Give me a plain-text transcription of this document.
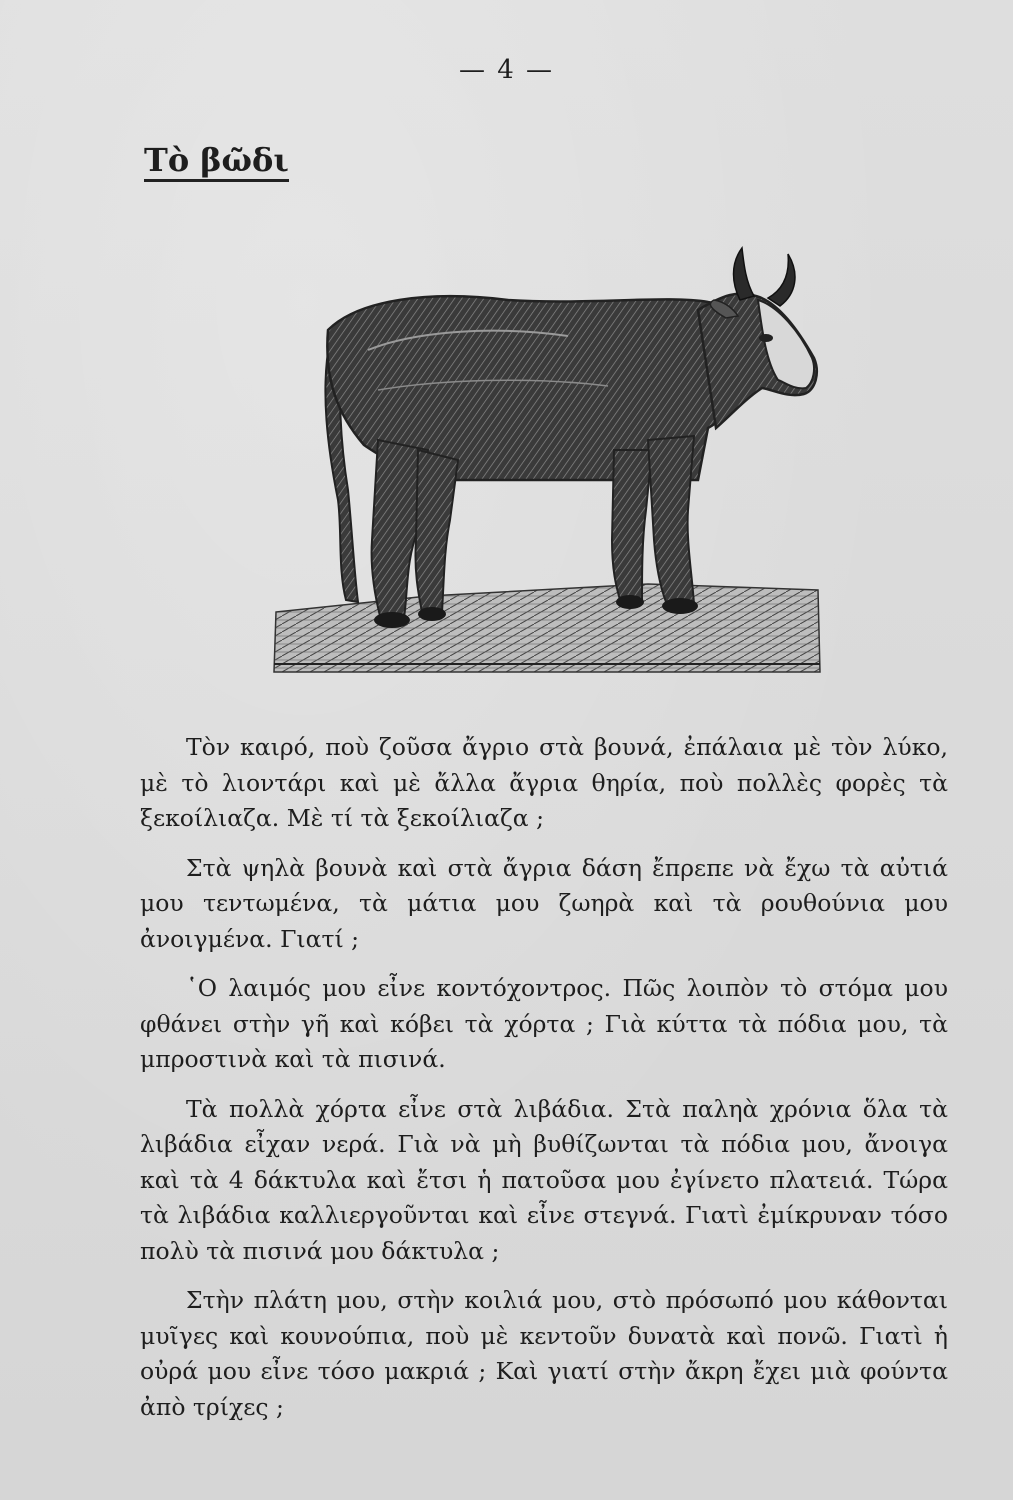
— 4 —
Tὸ βῶδι

Τὸν καιρό, ποὺ ζοῦσα ἄγριο στὰ βουνά, ἐπάλαια μὲ τὸν λύκο, μὲ τὸ λιοντάρι καὶ μὲ ἄλλα ἄγρια θηρία, ποὺ πολλὲς φορὲς τὰ ξεκοίλιαζα. Μὲ τί τὰ ξεκοίλιαζα ;

Στὰ ψηλὰ βουνὰ καὶ στὰ ἄγρια δάση ἔπρεπε νὰ ἔχω τὰ αὐτιά μου τεντωμένα, τὰ μάτια μου ζωηρὰ καὶ τὰ ρουθούνια μου ἀνοιγμένα. Γιατί ;

῾Ο λαιμός μου εἶνε κοντόχοντρος. Πῶς λοιπὸν τὸ στόμα μου φθάνει στὴν γῆ καὶ κόβει τὰ χόρτα ; Γιὰ κύττα τὰ πόδια μου, τὰ μπροστινὰ καὶ τὰ πισινά.

Τὰ πολλὰ χόρτα εἶνε στὰ λιβάδια. Στὰ παληὰ χρόνια ὅλα τὰ λιβάδια εἶχαν νερά. Γιὰ νὰ μὴ βυθίζωνται τὰ πόδια μου, ἄνοιγα καὶ τὰ 4 δάκτυλα καὶ ἔτσι ἡ πατοῦσα μου ἐγίνετο πλατειά. Τώρα τὰ λιβάδια καλλιεργοῦνται καὶ εἶνε στεγνά. Γιατὶ ἐμίκρυναν τόσο πολὺ τὰ πισινά μου δάκτυλα ;

Στὴν πλάτη μου, στὴν κοιλιά μου, στὸ πρόσωπό μου κάθονται μυῖγες καὶ κουνούπια, ποὺ μὲ κεντοῦν δυνατὰ καὶ πονῶ. Γιατὶ ἡ οὐρά μου εἶνε τόσο μακριά ; Καὶ γιατί στὴν ἄκρη ἔχει μιὰ φούντα ἀπὸ τρίχες ;
